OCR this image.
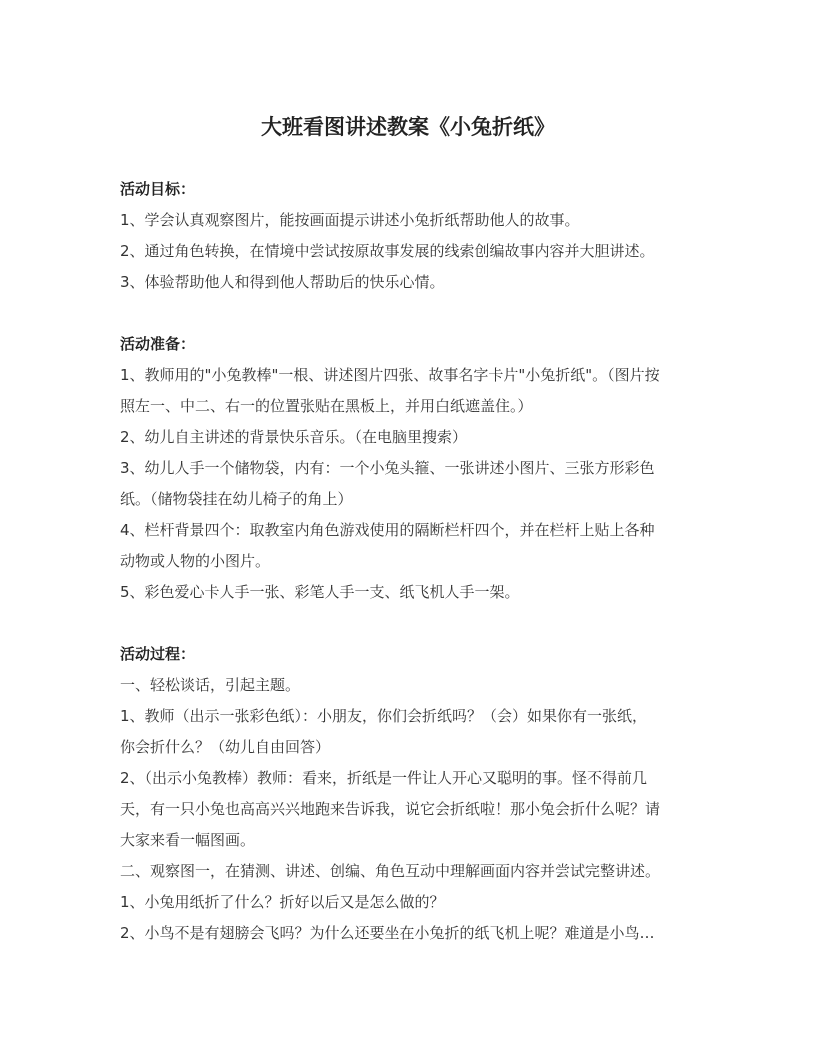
大班看图讲述教案《小兔折纸》
活动目标：
1、学会认真观察图片，能按画面提示讲述小兔折纸帮助他人的故事。
2、通过角色转换，在情境中尝试按原故事发展的线索创编故事内容并大胆讲述。
3、体验帮助他人和得到他人帮助后的快乐心情。
活动准备：
1、教师用的"小兔教棒"一根、讲述图片四张、故事名字卡片"小兔折纸"。（图片按
照左一、中二、右一的位置张贴在黑板上，并用白纸遮盖住。）
2、幼儿自主讲述的背景快乐音乐。（在电脑里搜索）
3、幼儿人手一个储物袋，内有：一个小兔头箍、一张讲述小图片、三张方形彩色
纸。（储物袋挂在幼儿椅子的角上）
4、栏杆背景四个：取教室内角色游戏使用的隔断栏杆四个，并在栏杆上贴上各种
动物或人物的小图片。
5、彩色爱心卡人手一张、彩笔人手一支、纸飞机人手一架。
活动过程：
一、轻松谈话，引起主题。
1、教师（出示一张彩色纸）：小朋友，你们会折纸吗？（会）如果你有一张纸，
你会折什么？（幼儿自由回答）
2、（出示小兔教棒）教师：看来，折纸是一件让人开心又聪明的事。怪不得前几
天，有一只小兔也高高兴兴地跑来告诉我，说它会折纸啦！那小兔会折什么呢？请
大家来看一幅图画。
二、观察图一，在猜测、讲述、创编、角色互动中理解画面内容并尝试完整讲述。
1、小兔用纸折了什么？折好以后又是怎么做的？
2、小鸟不是有翅膀会飞吗？为什么还要坐在小兔折的纸飞机上呢？难道是小鸟…
